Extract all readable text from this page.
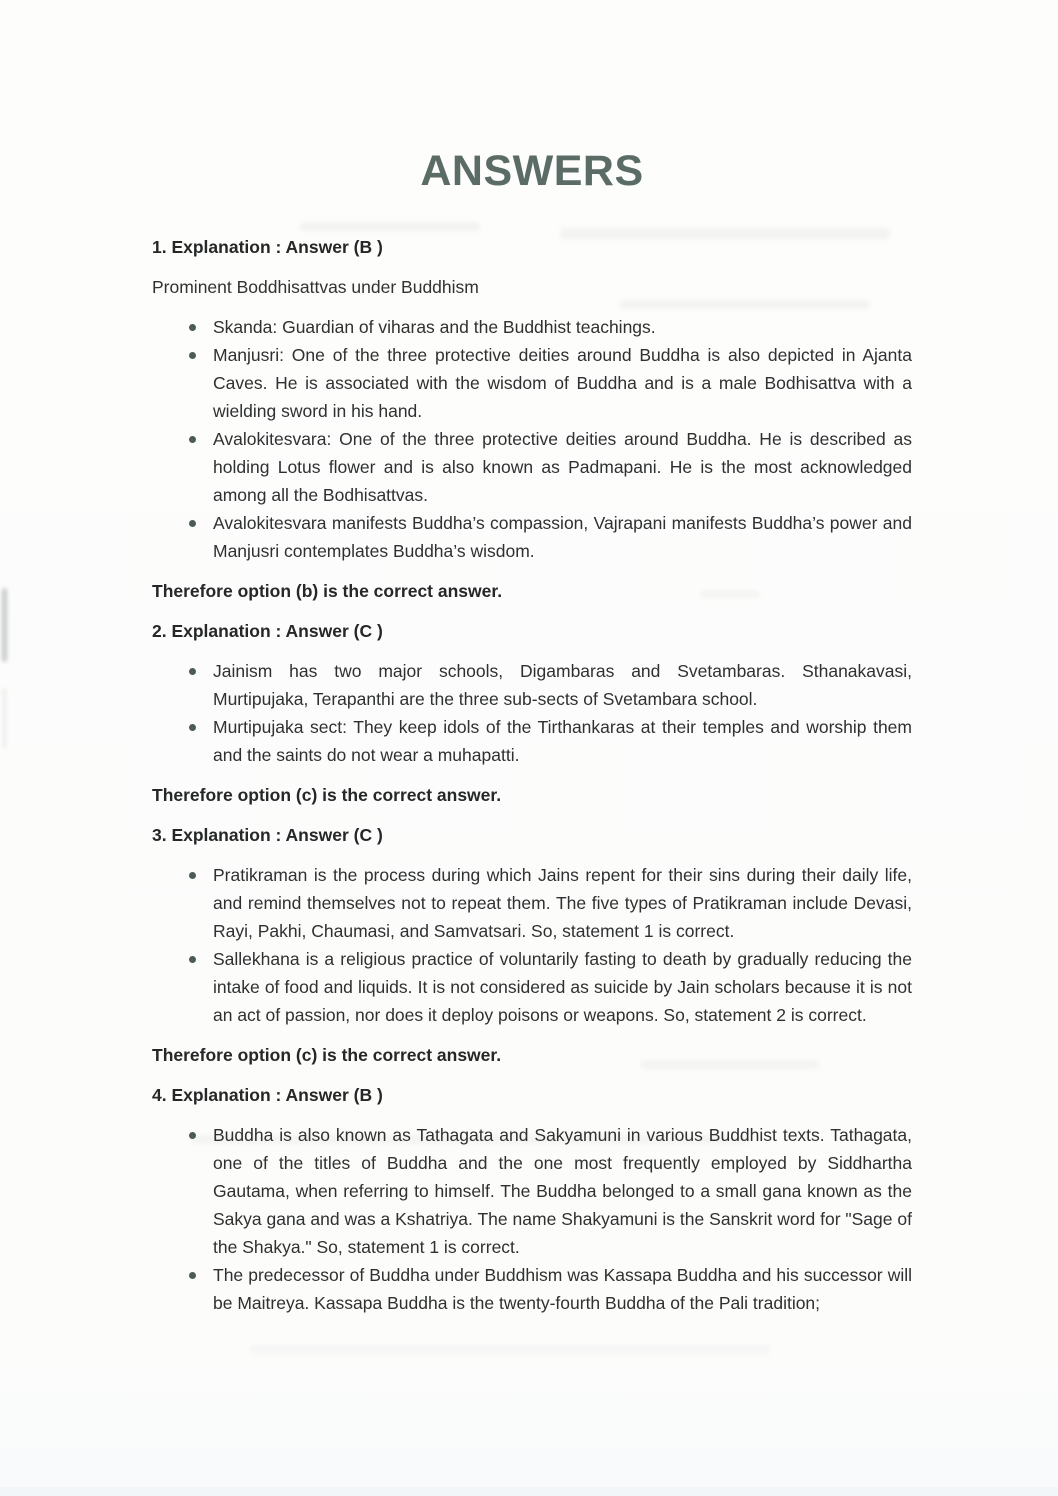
ANSWERS

1. Explanation : Answer (B )

Prominent Boddhisattvas under Buddhism

Skanda: Guardian of viharas and the Buddhist teachings.
Manjusri: One of the three protective deities around Buddha is also depicted in Ajanta Caves. He is associated with the wisdom of Buddha and is a male Bodhisattva with a wielding sword in his hand.
Avalokitesvara: One of the three protective deities around Buddha. He is described as holding Lotus flower and is also known as Padmapani. He is the most acknowledged among all the Bodhisattvas.
Avalokitesvara manifests Buddha’s compassion, Vajrapani manifests Buddha’s power and Manjusri contemplates Buddha’s wisdom.

Therefore option (b) is the correct answer.

2. Explanation : Answer (C )

Jainism has two major schools, Digambaras and Svetambaras. Sthanakavasi, Murtipujaka, Terapanthi are the three sub-sects of Svetambara school.
Murtipujaka sect: They keep idols of the Tirthankaras at their temples and worship them and the saints do not wear a muhapatti.

Therefore option (c) is the correct answer.

3. Explanation : Answer (C )

Pratikraman is the process during which Jains repent for their sins during their daily life, and remind themselves not to repeat them. The five types of Pratikraman include Devasi, Rayi, Pakhi, Chaumasi, and Samvatsari. So, statement 1 is correct.
Sallekhana is a religious practice of voluntarily fasting to death by gradually reducing the intake of food and liquids. It is not considered as suicide by Jain scholars because it is not an act of passion, nor does it deploy poisons or weapons. So, statement 2 is correct.

Therefore option (c) is the correct answer.

4. Explanation : Answer (B )

Buddha is also known as Tathagata and Sakyamuni in various Buddhist texts. Tathagata, one of the titles of Buddha and the one most frequently employed by Siddhartha Gautama, when referring to himself. The Buddha belonged to a small gana known as the Sakya gana and was a Kshatriya. The name Shakyamuni is the Sanskrit word for "Sage of the Shakya." So, statement 1 is correct.
The predecessor of Buddha under Buddhism was Kassapa Buddha and his successor will be Maitreya. Kassapa Buddha is the twenty-fourth Buddha of the Pali tradition;
